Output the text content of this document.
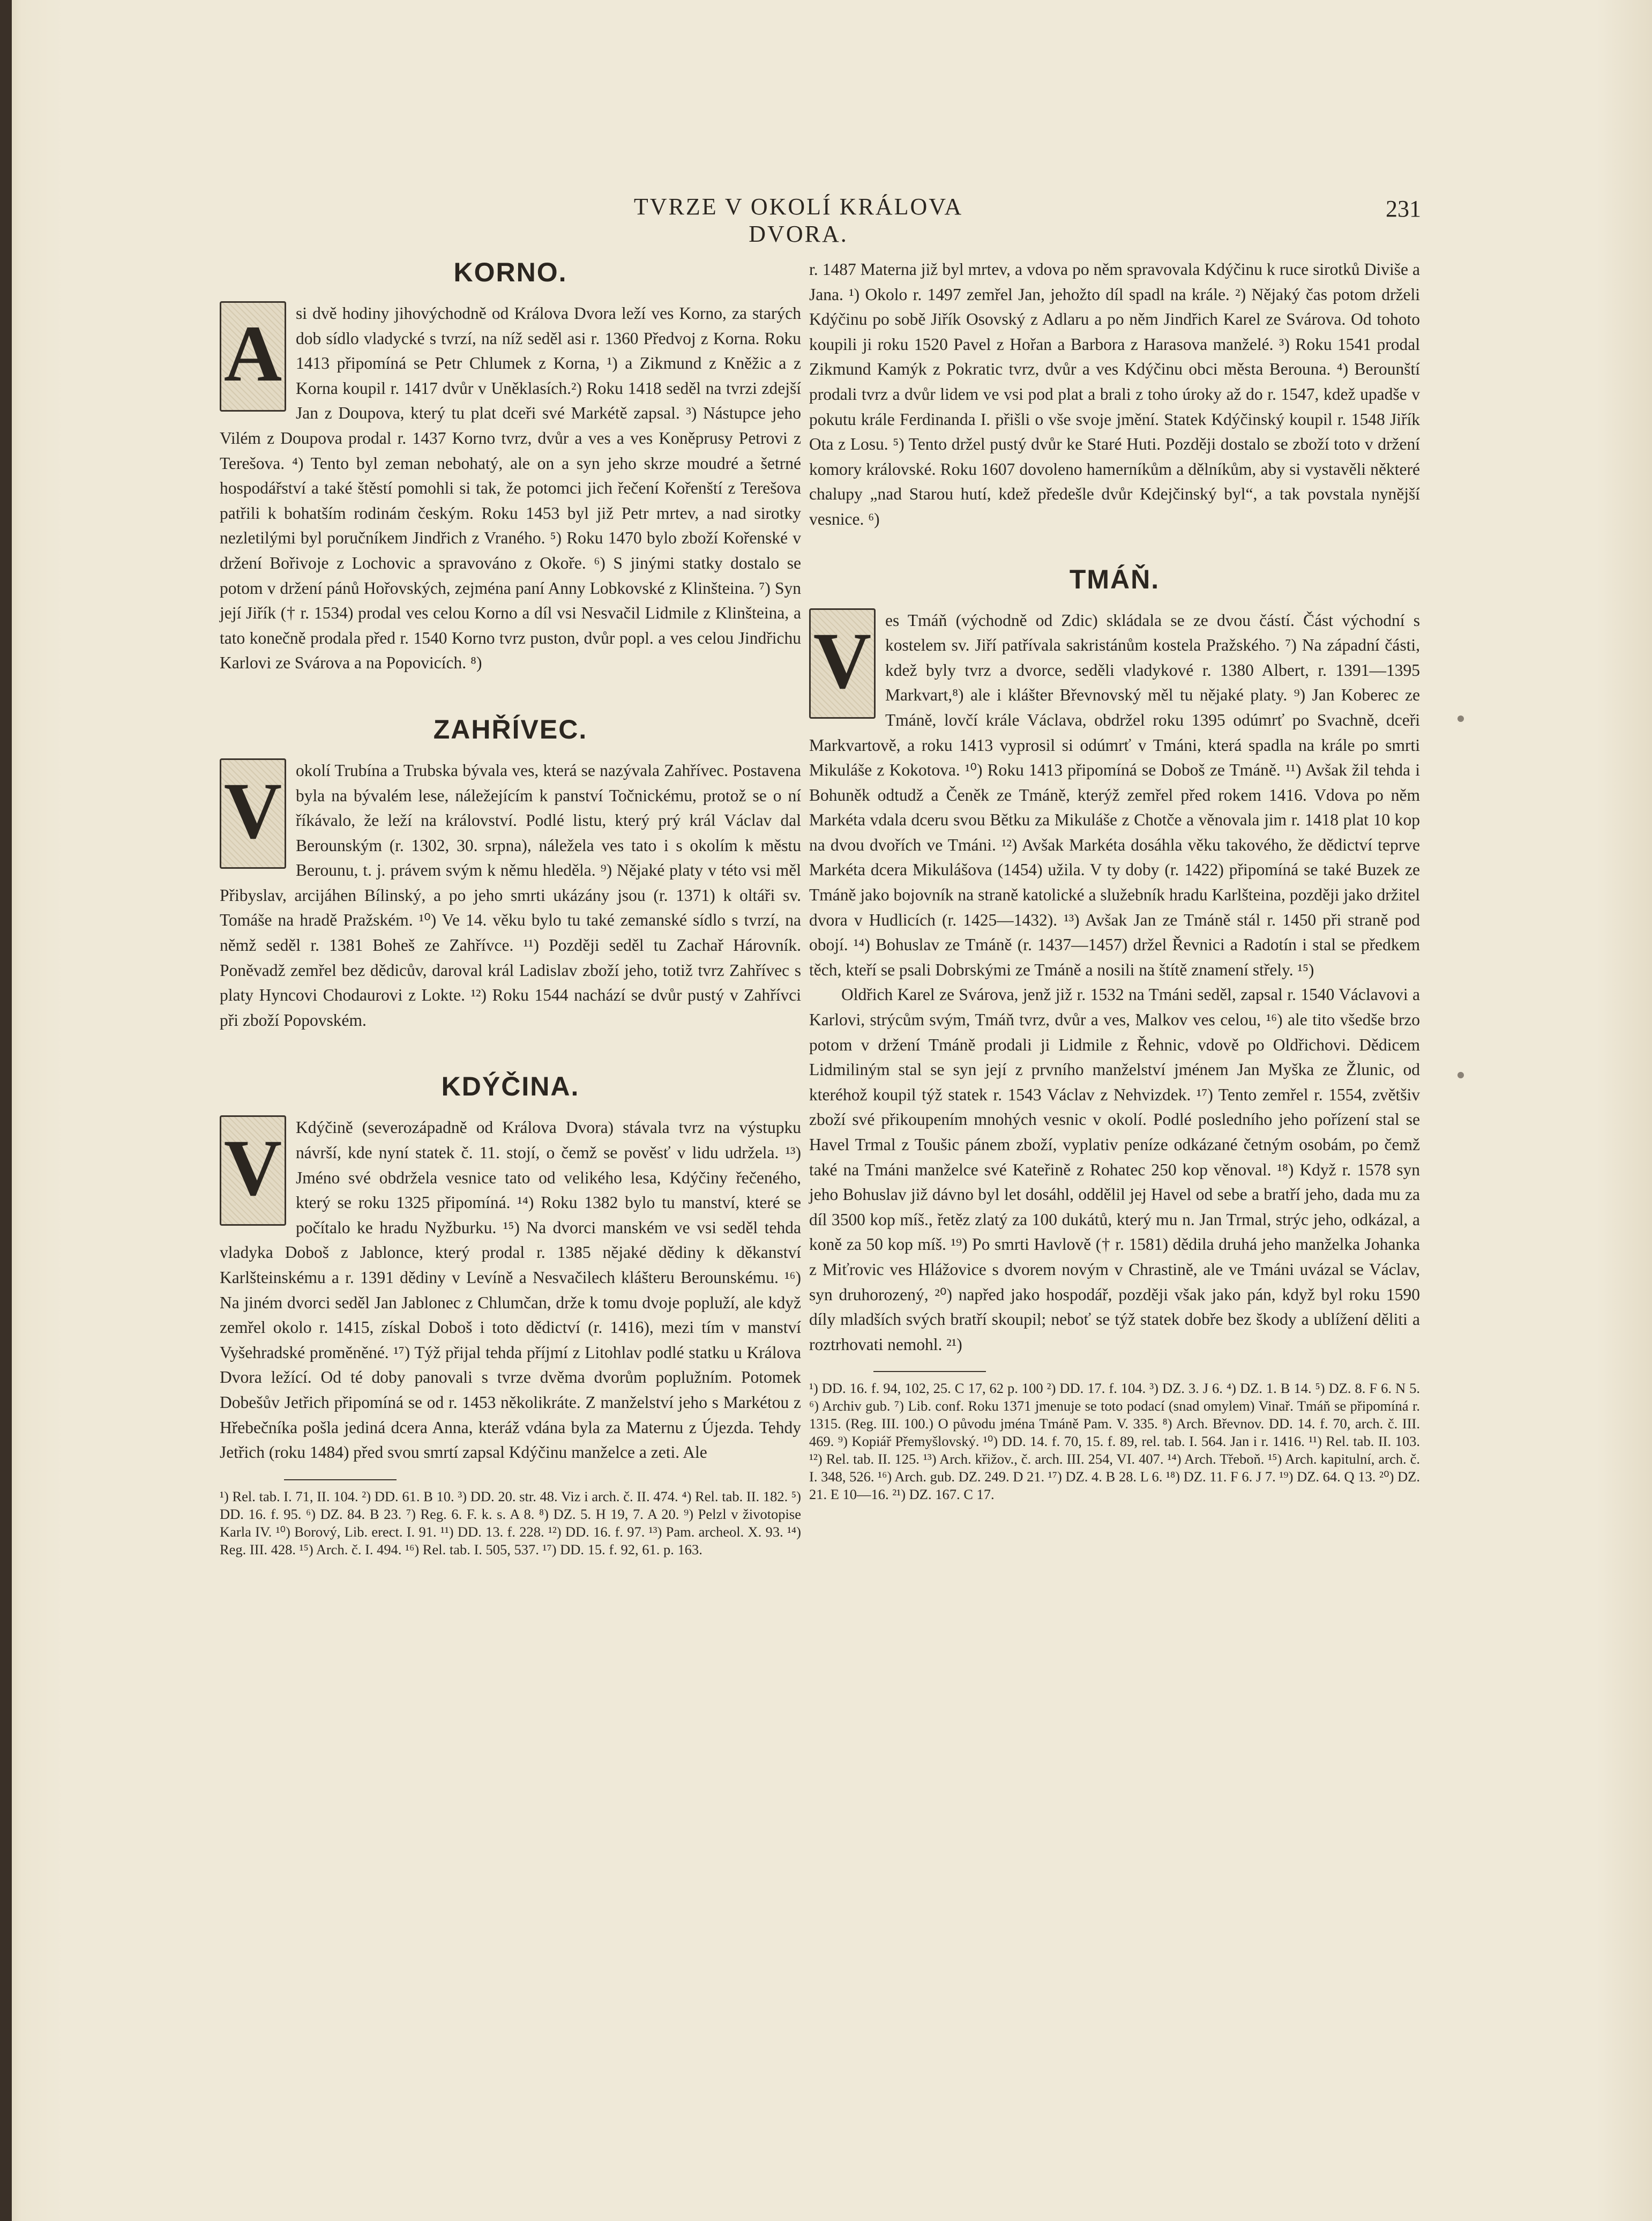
TVRZE V OKOLÍ KRÁLOVA DVORA.
231
KORNO.
A si dvě hodiny jihovýchodně od Králova Dvora leží ves Korno, za starých dob sídlo vladycké s tvrzí, na níž seděl asi r. 1360 Předvoj z Korna. Roku 1413 připomíná se Petr Chlumek z Korna, ¹) a Zikmund z Kněžic a z Korna koupil r. 1417 dvůr v Uněklasích.²) Roku 1418 seděl na tvrzi zdejší Jan z Doupova, který tu plat dceři své Markétě zapsal. ³) Nástupce jeho Vilém z Doupova prodal r. 1437 Korno tvrz, dvůr a ves a ves Koněprusy Petrovi z Terešova. ⁴) Tento byl zeman nebohatý, ale on a syn jeho skrze moudré a šetrné hospodářství a také štěstí pomohli si tak, že potomci jich řečení Kořenští z Terešova patřili k bohatším rodinám českým. Roku 1453 byl již Petr mrtev, a nad sirotky nezletilými byl poručníkem Jindřich z Vraného. ⁵) Roku 1470 bylo zboží Kořenské v držení Bořivoje z Lochovic a spravováno z Okoře. ⁶) S jinými statky dostalo se potom v držení pánů Hořovských, zejména paní Anny Lobkovské z Klinšteina. ⁷) Syn její Jiřík († r. 1534) prodal ves celou Korno a díl vsi Nesvačil Lidmile z Klinšteina, a tato konečně prodala před r. 1540 Korno tvrz puston, dvůr popl. a ves celou Jindřichu Karlovi ze Svárova a na Popovicích. ⁸)

ZAHŘÍVEC.
V okolí Trubína a Trubska bývala ves, která se nazývala Zahřívec. Postavena byla na bývalém lese, náležejícím k panství Točnickému, protož se o ní říkávalo, že leží na království. Podlé listu, který prý král Václav dal Berounským (r. 1302, 30. srpna), náležela ves tato i s okolím k městu Berounu, t. j. právem svým k němu hleděla. ⁹) Nějaké platy v této vsi měl Přibyslav, arcijáhen Bílinský, a po jeho smrti ukázány jsou (r. 1371) k oltáři sv. Tomáše na hradě Pražském. ¹⁰) Ve 14. věku bylo tu také zemanské sídlo s tvrzí, na němž seděl r. 1381 Boheš ze Zahřívce. ¹¹) Později seděl tu Zachař Hárovník. Poněvadž zemřel bez dědicův, daroval král Ladislav zboží jeho, totiž tvrz Zahřívec s platy Hyncovi Chodaurovi z Lokte. ¹²) Roku 1544 nachází se dvůr pustý v Zahřívci při zboží Popovském.

KDÝČINA.
V Kdýčině (severozápadně od Králova Dvora) stávala tvrz na výstupku návrší, kde nyní statek č. 11. stojí, o čemž se pověsť v lidu udržela. ¹³) Jméno své obdržela vesnice tato od velikého lesa, Kdýčiny řečeného, který se roku 1325 připomíná. ¹⁴) Roku 1382 bylo tu manství, které se počítalo ke hradu Nyžburku. ¹⁵) Na dvorci manském ve vsi seděl tehda vladyka Doboš z Jablonce, který prodal r. 1385 nějaké dědiny k děkanství Karlšteinskému a r. 1391 dědiny v Levíně a Nesvačilech klášteru Berounskému. ¹⁶) Na jiném dvorci seděl Jan Jablonec z Chlumčan, drže k tomu dvoje popluží, ale když zemřel okolo r. 1415, získal Doboš i toto dědictví (r. 1416), mezi tím v manství Vyšehradské proměněné. ¹⁷) Týž přijal tehda příjmí z Litohlav podlé statku u Králova Dvora ležící. Od té doby panovali s tvrze dvěma dvorům poplužním. Potomek Dobešův Jetřich připomíná se od r. 1453 několikráte. Z manželství jeho s Markétou z Hřebečníka pošla jediná dcera Anna, kteráž vdána byla za Maternu z Újezda. Tehdy Jetřich (roku 1484) před svou smrtí zapsal Kdýčinu manželce a zeti. Ale

¹) Rel. tab. I. 71, II. 104. ²) DD. 61. B 10. ³) DD. 20. str. 48. Viz i arch. č. II. 474. ⁴) Rel. tab. II. 182. ⁵) DD. 16. f. 95. ⁶) DZ. 84. B 23. ⁷) Reg. 6. F. k. s. A 8. ⁸) DZ. 5. H 19, 7. A 20. ⁹) Pelzl v životopise Karla IV. ¹⁰) Borový, Lib. erect. I. 91. ¹¹) DD. 13. f. 228. ¹²) DD. 16. f. 97. ¹³) Pam. archeol. X. 93. ¹⁴) Reg. III. 428. ¹⁵) Arch. č. I. 494. ¹⁶) Rel. tab. I. 505, 537. ¹⁷) DD. 15. f. 92, 61. p. 163.

r. 1487 Materna již byl mrtev, a vdova po něm spravovala Kdýčinu k ruce sirotků Diviše a Jana. ¹) Okolo r. 1497 zemřel Jan, jehožto díl spadl na krále. ²) Nějaký čas potom drželi Kdýčinu po sobě Jiřík Osovský z Adlaru a po něm Jindřich Karel ze Svárova. Od tohoto koupili ji roku 1520 Pavel z Hořan a Barbora z Harasova manželé. ³) Roku 1541 prodal Zikmund Kamýk z Pokratic tvrz, dvůr a ves Kdýčinu obci města Berouna. ⁴) Berounští prodali tvrz a dvůr lidem ve vsi pod plat a brali z toho úroky až do r. 1547, kdež upadše v pokutu krále Ferdinanda I. přišli o vše svoje jmění. Statek Kdýčinský koupil r. 1548 Jiřík Ota z Losu. ⁵) Tento držel pustý dvůr ke Staré Huti. Později dostalo se zboží toto v držení komory královské. Roku 1607 dovoleno hamerníkům a dělníkům, aby si vystavěli některé chalupy „nad Starou hutí, kdež předešle dvůr Kdejčinský byl“, a tak povstala nynější vesnice. ⁶)

TMÁŇ.
V es Tmáň (východně od Zdic) skládala se ze dvou částí. Část východní s kostelem sv. Jiří patřívala sakristánům kostela Pražského. ⁷) Na západní části, kdež byly tvrz a dvorce, seděli vladykové r. 1380 Albert, r. 1391—1395 Markvart,⁸) ale i klášter Břevnovský měl tu nějaké platy. ⁹) Jan Koberec ze Tmáně, lovčí krále Václava, obdržel roku 1395 odúmrť po Svachně, dceři Markvartově, a roku 1413 vyprosil si odúmrť v Tmáni, která spadla na krále po smrti Mikuláše z Kokotova. ¹⁰) Roku 1413 připomíná se Doboš ze Tmáně. ¹¹) Avšak žil tehda i Bohuněk odtudž a Čeněk ze Tmáně, kterýž zemřel před rokem 1416. Vdova po něm Markéta vdala dceru svou Bětku za Mikuláše z Chotče a věnovala jim r. 1418 plat 10 kop na dvou dvořích ve Tmáni. ¹²) Avšak Markéta dosáhla věku takového, že dědictví teprve Markéta dcera Mikulášova (1454) užila. V ty doby (r. 1422) připomíná se také Buzek ze Tmáně jako bojovník na straně katolické a služebník hradu Karlšteina, později jako držitel dvora v Hudlicích (r. 1425—1432). ¹³) Avšak Jan ze Tmáně stál r. 1450 při straně pod obojí. ¹⁴) Bohuslav ze Tmáně (r. 1437—1457) držel Řevnici a Radotín i stal se předkem těch, kteří se psali Dobrskými ze Tmáně a nosili na štítě znamení střely. ¹⁵)

Oldřich Karel ze Svárova, jenž již r. 1532 na Tmáni seděl, zapsal r. 1540 Václavovi a Karlovi, strýcům svým, Tmáň tvrz, dvůr a ves, Malkov ves celou, ¹⁶) ale tito všedše brzo potom v držení Tmáně prodali ji Lidmile z Řehnic, vdově po Oldřichovi. Dědicem Lidmiliným stal se syn její z prvního manželství jménem Jan Myška ze Žlunic, od kteréhož koupil týž statek r. 1543 Václav z Nehvizdek. ¹⁷) Tento zemřel r. 1554, zvětšiv zboží své přikoupením mnohých vesnic v okolí. Podlé posledního jeho pořízení stal se Havel Trmal z Toušic pánem zboží, vyplativ peníze odkázané četným osobám, po čemž také na Tmáni manželce své Kateřině z Rohatec 250 kop věnoval. ¹⁸) Když r. 1578 syn jeho Bohuslav již dávno byl let dosáhl, oddělil jej Havel od sebe a bratří jeho, dada mu za díl 3500 kop míš., řetěz zlatý za 100 dukátů, který mu n. Jan Trmal, strýc jeho, odkázal, a koně za 50 kop míš. ¹⁹) Po smrti Havlově († r. 1581) dědila druhá jeho manželka Johanka z Miťrovic ves Hlážovice s dvorem novým v Chrastině, ale ve Tmáni uvázal se Václav, syn druhorozený, ²⁰) napřed jako hospodář, později však jako pán, když byl roku 1590 díly mladších svých bratří skoupil; neboť se týž statek dobře bez škody a ublížení děliti a roztrhovati nemohl. ²¹)

¹) DD. 16. f. 94, 102, 25. C 17, 62 p. 100 ²) DD. 17. f. 104. ³) DZ. 3. J 6. ⁴) DZ. 1. B 14. ⁵) DZ. 8. F 6. N 5. ⁶) Archiv gub. ⁷) Lib. conf. Roku 1371 jmenuje se toto podací (snad omylem) Vinař. Tmáň se připomíná r. 1315. (Reg. III. 100.) O původu jména Tmáně Pam. V. 335. ⁸) Arch. Břevnov. DD. 14. f. 70, arch. č. III. 469. ⁹) Kopiář Přemyšlovský. ¹⁰) DD. 14. f. 70, 15. f. 89, rel. tab. I. 564. Jan i r. 1416. ¹¹) Rel. tab. II. 103. ¹²) Rel. tab. II. 125. ¹³) Arch. křižov., č. arch. III. 254, VI. 407. ¹⁴) Arch. Třeboň. ¹⁵) Arch. kapitulní, arch. č. I. 348, 526. ¹⁶) Arch. gub. DZ. 249. D 21. ¹⁷) DZ. 4. B 28. L 6. ¹⁸) DZ. 11. F 6. J 7. ¹⁹) DZ. 64. Q 13. ²⁰) DZ. 21. E 10—16. ²¹) DZ. 167. C 17.
